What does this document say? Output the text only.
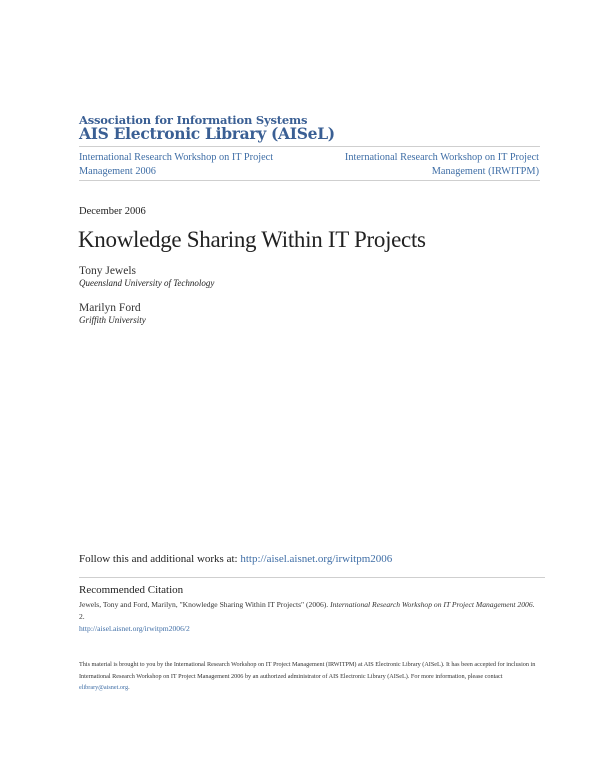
Association for Information Systems
AIS Electronic Library (AISeL)
International Research Workshop on IT Project
Management 2006
International Research Workshop on IT Project
Management (IRWITPM)
December 2006
Knowledge Sharing Within IT Projects
Tony Jewels
Queensland University of Technology
Marilyn Ford
Griffith University
Follow this and additional works at: http://aisel.aisnet.org/irwitpm2006
Recommended Citation
Jewels, Tony and Ford, Marilyn, "Knowledge Sharing Within IT Projects" (2006). International Research Workshop on IT Project Management 2006. 2.
http://aisel.aisnet.org/irwitpm2006/2
This material is brought to you by the International Research Workshop on IT Project Management (IRWITPM) at AIS Electronic Library (AISeL). It has been accepted for inclusion in International Research Workshop on IT Project Management 2006 by an authorized administrator of AIS Electronic Library (AISeL). For more information, please contact elibrary@aisnet.org.
